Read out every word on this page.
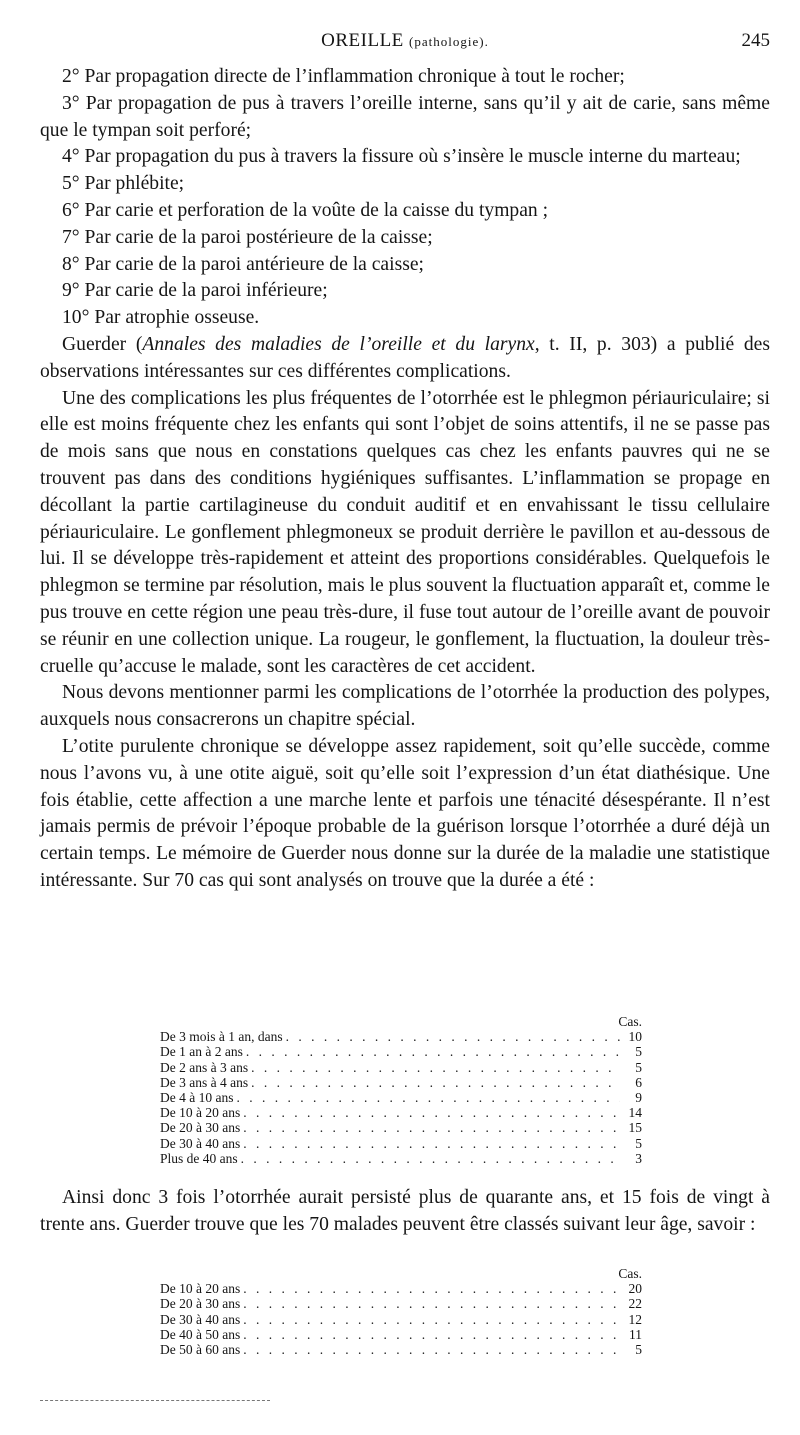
OREILLE (pathologie).	245

2° Par propagation directe de l’inflammation chronique à tout le rocher;

3° Par propagation de pus à travers l’oreille interne, sans qu’il y ait de carie, sans même que le tympan soit perforé;

4° Par propagation du pus à travers la fissure où s’insère le muscle interne du marteau;

5° Par phlébite;

6° Par carie et perforation de la voûte de la caisse du tympan ;

7° Par carie de la paroi postérieure de la caisse;

8° Par carie de la paroi antérieure de la caisse;

9° Par carie de la paroi inférieure;

10° Par atrophie osseuse.

Guerder (Annales des maladies de l’oreille et du larynx, t. II, p. 303) a publié des observations intéressantes sur ces différentes complications.

Une des complications les plus fréquentes de l’otorrhée est le phlegmon périauriculaire; si elle est moins fréquente chez les enfants qui sont l’objet de soins attentifs, il ne se passe pas de mois sans que nous en constations quelques cas chez les enfants pauvres qui ne se trouvent pas dans des conditions hygiéniques suffisantes. L’inflammation se propage en décollant la partie cartilagineuse du conduit auditif et en envahissant le tissu cellulaire périauriculaire. Le gonflement phlegmoneux se produit derrière le pavillon et au-dessous de lui. Il se développe très-rapidement et atteint des proportions considérables. Quelquefois le phlegmon se termine par résolution, mais le plus souvent la fluctuation apparaît et, comme le pus trouve en cette région une peau très-dure, il fuse tout autour de l’oreille avant de pouvoir se réunir en une collection unique. La rougeur, le gonflement, la fluctuation, la douleur très-cruelle qu’accuse le malade, sont les caractères de cet accident.

Nous devons mentionner parmi les complications de l’otorrhée la production des polypes, auxquels nous consacrerons un chapitre spécial.

L’otite purulente chronique se développe assez rapidement, soit qu’elle succède, comme nous l’avons vu, à une otite aiguë, soit qu’elle soit l’expression d’un état diathésique. Une fois établie, cette affection a une marche lente et parfois une ténacité désespérante. Il n’est jamais permis de prévoir l’époque probable de la guérison lorsque l’otorrhée a duré déjà un certain temps. Le mémoire de Guerder nous donne sur la durée de la maladie une statistique intéressante. Sur 70 cas qui sont analysés on trouve que la durée a été :

Cas.
De 3 mois à 1 an, dans . . .	10
De 1 an à 2 ans . . .	5
De 2 ans à 3 ans . . .	5
De 3 ans à 4 ans . . .	6
De 4 à 10 ans . . .	9
De 10 à 20 ans . . .	14
De 20 à 30 ans . . .	15
De 30 à 40 ans . . .	5
Plus de 40 ans . . .	3

Ainsi donc 3 fois l’otorrhée aurait persisté plus de quarante ans, et 15 fois de vingt à trente ans. Guerder trouve que les 70 malades peuvent être classés suivant leur âge, savoir :

Cas.
De 10 à 20 ans . . .	20
De 20 à 30 ans . . .	22
De 30 à 40 ans . . .	12
De 40 à 50 ans . . .	11
De 50 à 60 ans . . .	5
